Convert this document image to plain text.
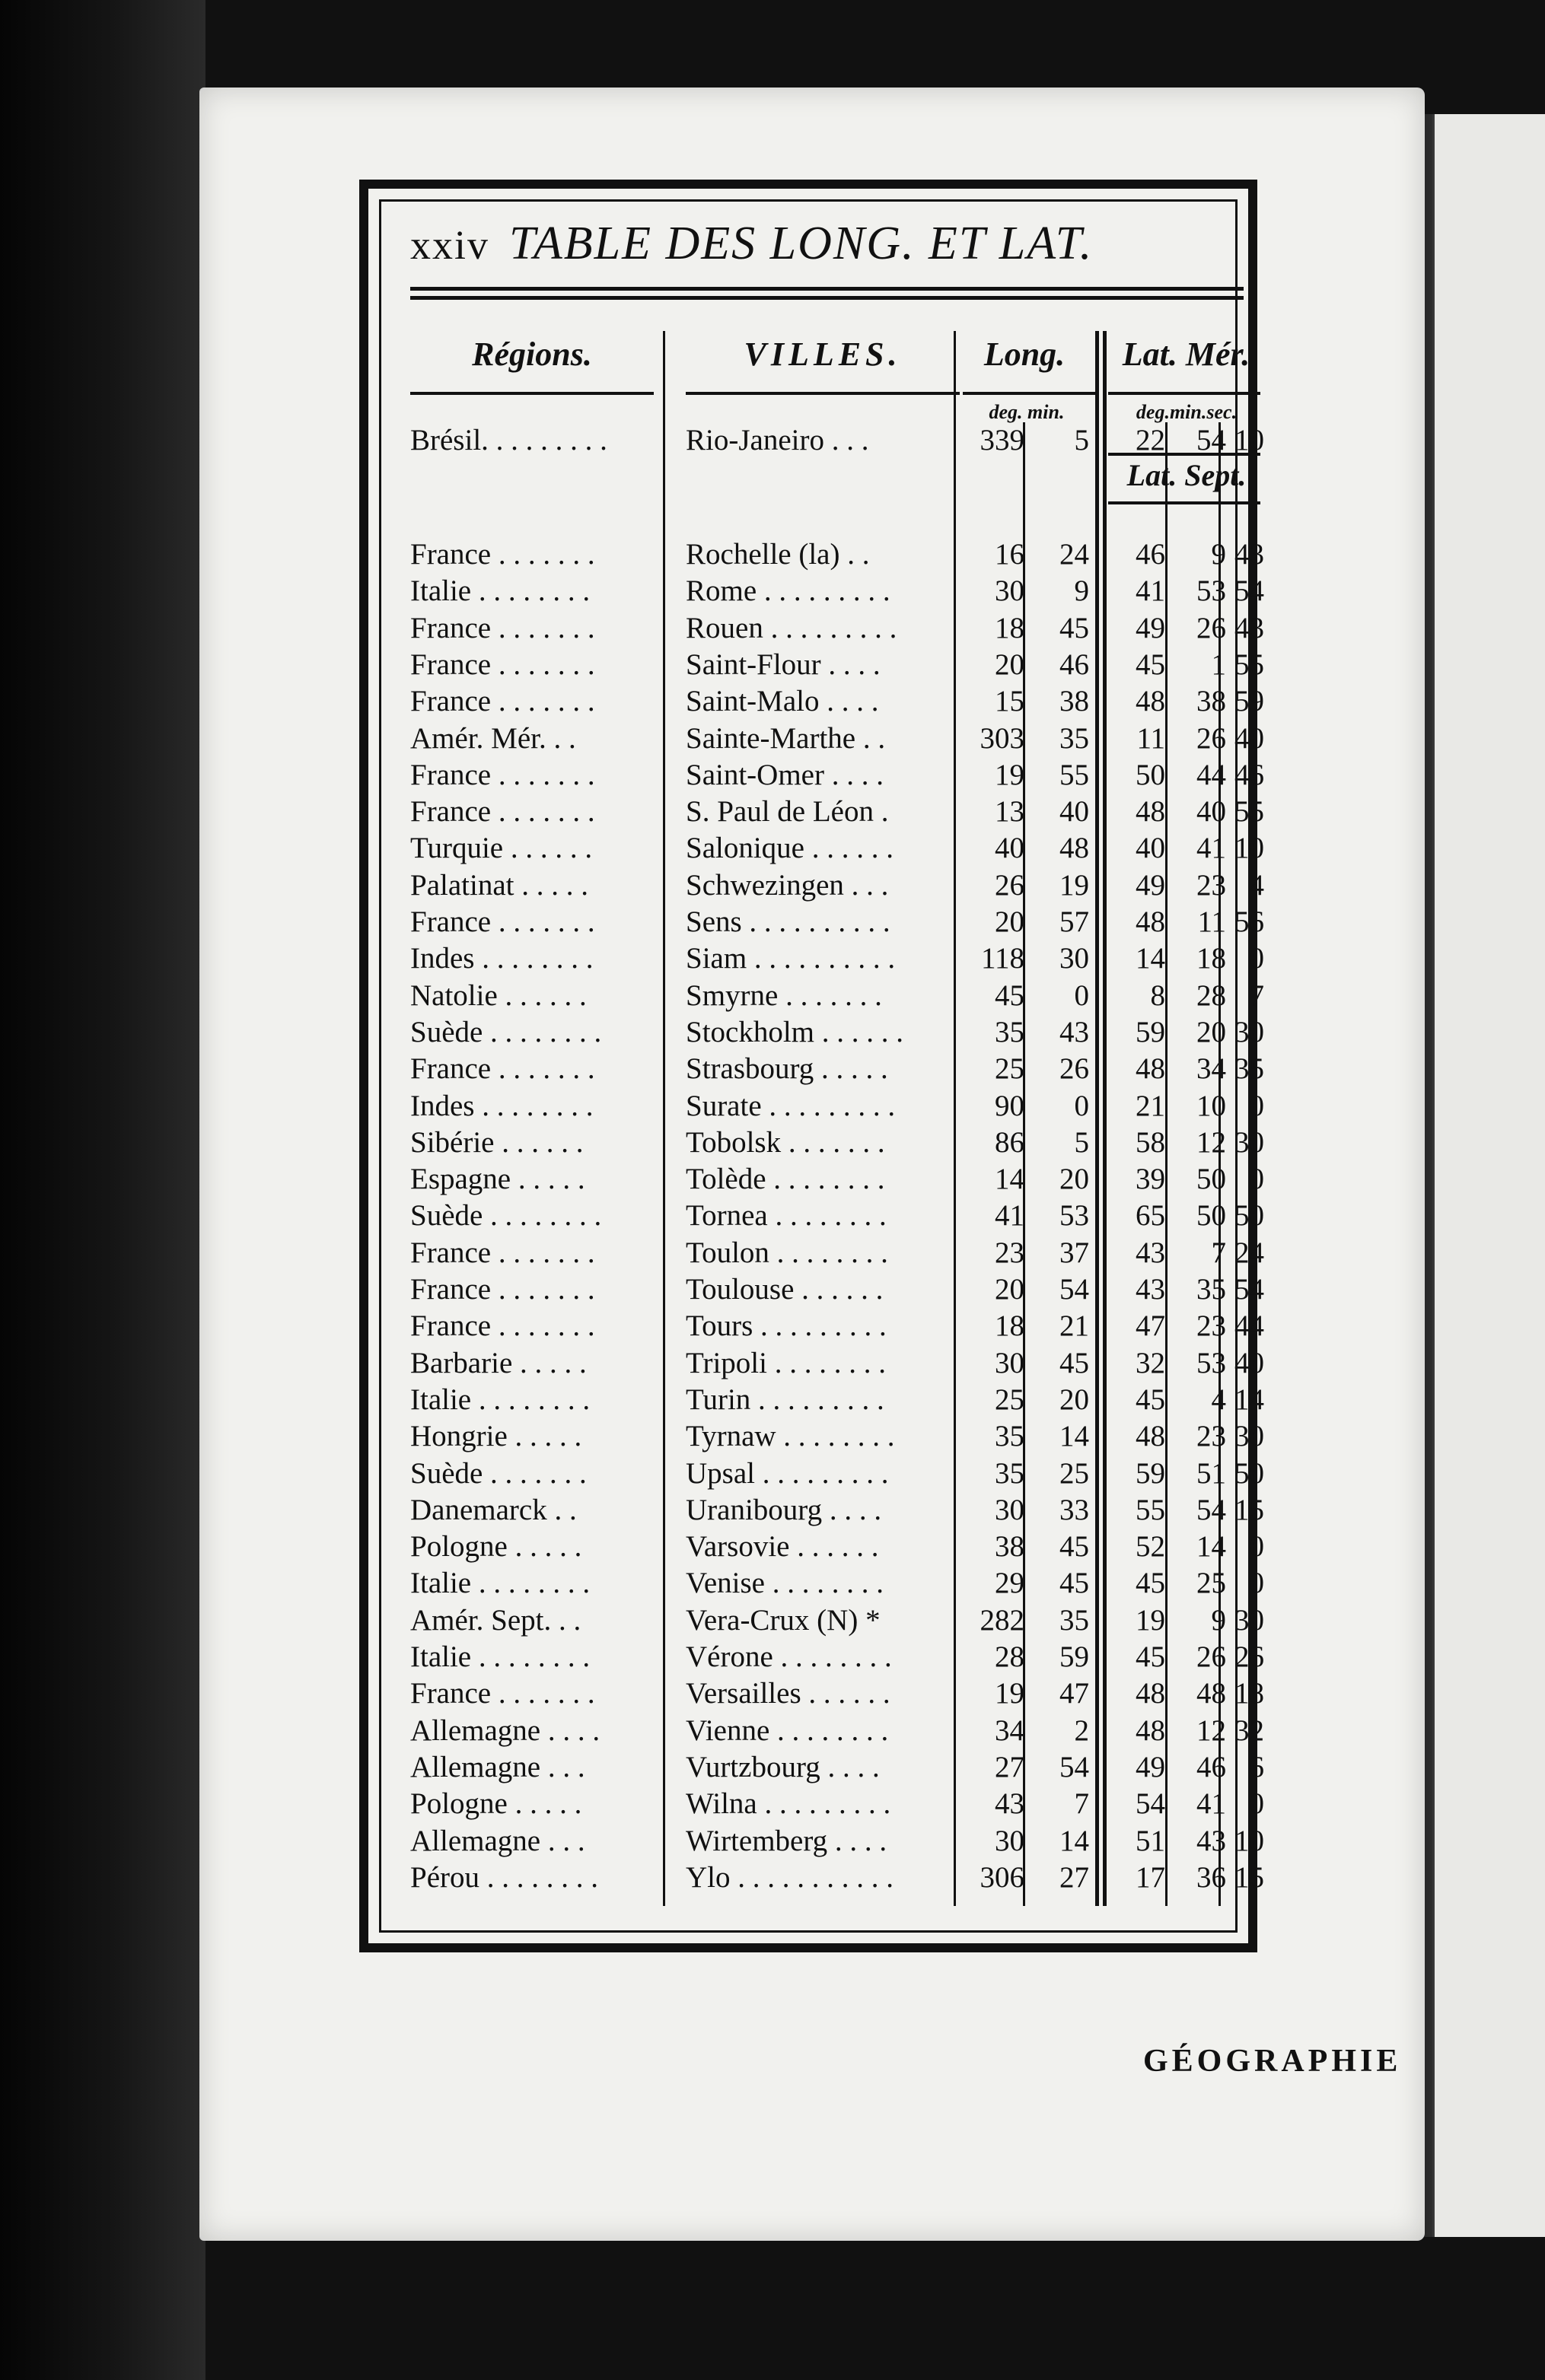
xxiv TABLE DES LONG. ET LAT.
Régions.	VILLES.	Long.	Lat. Mér.
deg. min.	deg.min.sec.
Lat. Sept.
Brésil. . . . . . . . .	Rio-Janeiro . . .	339	5	22	54 10
France . . . . . . .	Rochelle (la) . .	16	24	46	9 43
Italie . . . . . . . .	Rome . . . . . . . . .	30	9	41	53 54
France . . . . . . .	Rouen . . . . . . . . .	18	45	49	26 43
France . . . . . . .	Saint-Flour . . . .	20	46	45	1 55
France . . . . . . .	Saint-Malo . . . .	15	38	48	38 59
Amér. Mér. . .	Sainte-Marthe . .	303	35	11	26 40
France . . . . . . .	Saint-Omer . . . .	19	55	50	44 46
France . . . . . . .	S. Paul de Léon .	13	40	48	40 55
Turquie . . . . . .	Salonique . . . . . .	40	48	40	41 10
Palatinat . . . . .	Schwezingen . . .	26	19	49	23 4
France . . . . . . .	Sens . . . . . . . . . .	20	57	48	11 56
Indes . . . . . . . .	Siam . . . . . . . . . .	118	30	14	18 0
Natolie . . . . . .	Smyrne . . . . . . .	45	0	8	28 7
Suède . . . . . . . .	Stockholm . . . . . .	35	43	59	20 30
France . . . . . . .	Strasbourg . . . . .	25	26	48	34 35
Indes . . . . . . . .	Surate . . . . . . . . .	90	0	21	10 0
Sibérie . . . . . .	Tobolsk . . . . . . .	86	5	58	12 30
Espagne . . . . .	Tolède . . . . . . . .	14	20	39	50 0
Suède . . . . . . . .	Tornea . . . . . . . .	41	53	65	50 50
France . . . . . . .	Toulon . . . . . . . .	23	37	43	7 24
France . . . . . . .	Toulouse . . . . . .	20	54	43	35 54
France . . . . . . .	Tours . . . . . . . . .	18	21	47	23 44
Barbarie . . . . .	Tripoli . . . . . . . .	30	45	32	53 40
Italie . . . . . . . .	Turin . . . . . . . . .	25	20	45	4 14
Hongrie . . . . .	Tyrnaw . . . . . . . .	35	14	48	23 30
Suède . . . . . . .	Upsal . . . . . . . . .	35	25	59	51 50
Danemarck . .	Uranibourg . . . .	30	33	55	54 15
Pologne . . . . .	Varsovie . . . . . .	38	45	52	14 0
Italie . . . . . . . .	Venise . . . . . . . .	29	45	45	25 0
Amér. Sept. . .	Vera-Crux (N) *	282	35	19	9 30
Italie . . . . . . . .	Vérone . . . . . . . .	28	59	45	26 26
France . . . . . . .	Versailles . . . . . .	19	47	48	48 18
Allemagne . . . .	Vienne . . . . . . . .	34	2	48	12 32
Allemagne . . .	Vurtzbourg . . . .	27	54	49	46 6
Pologne . . . . .	Wilna . . . . . . . . .	43	7	54	41 0
Allemagne . . .	Wirtemberg . . . .	30	14	51	43 10
Pérou . . . . . . . .	Ylo . . . . . . . . . . .	306	27	17	36 15
GÉOGRAPHIE
